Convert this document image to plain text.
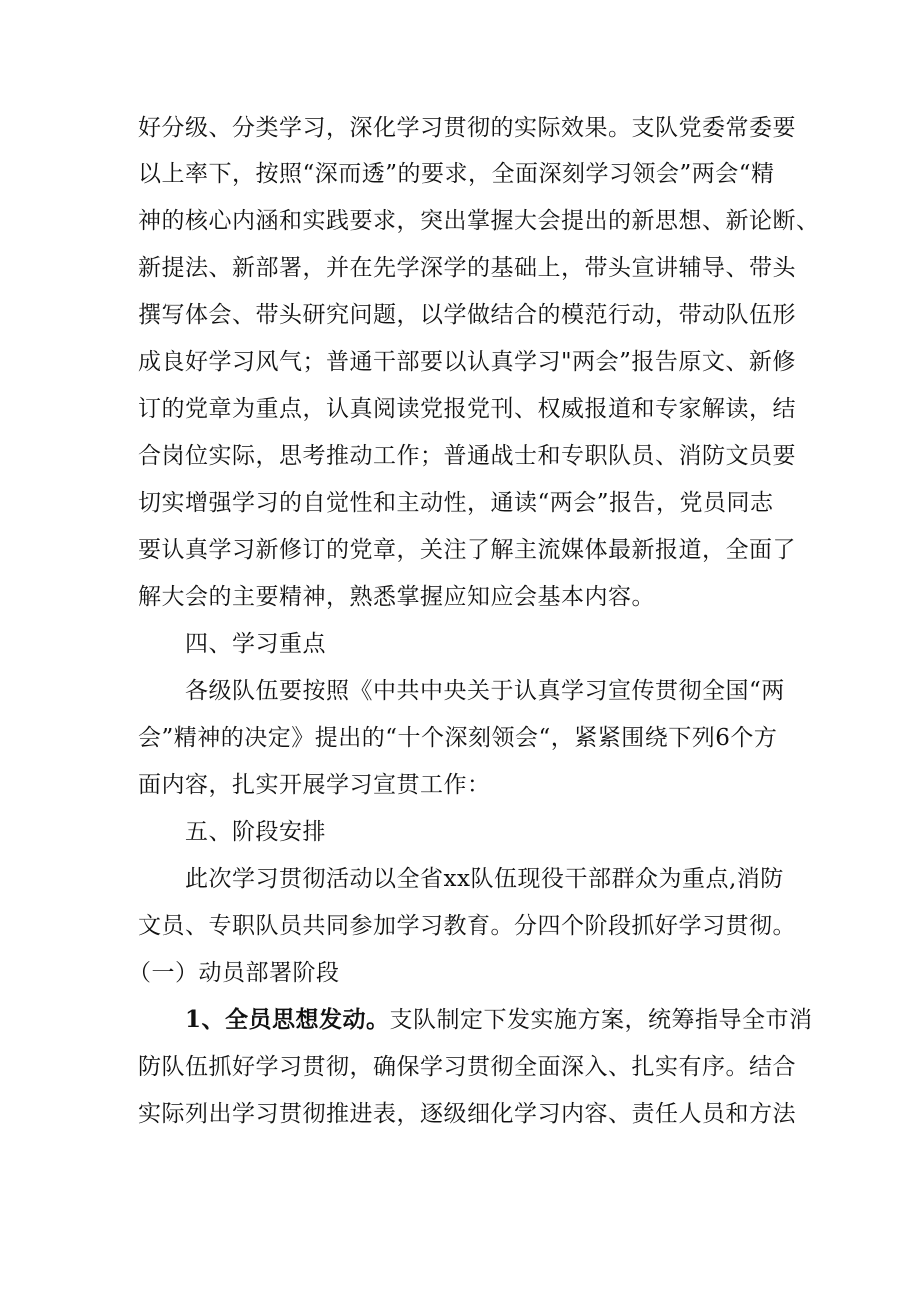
好分级、分类学习，深化学习贯彻的实际效果。支队党委常委要
以上率下，按照“深而透”的要求，全面深刻学习领会”两会“精
神的核心内涵和实践要求，突出掌握大会提出的新思想、新论断、
新提法、新部署，并在先学深学的基础上，带头宣讲辅导、带头
撰写体会、带头研究问题，以学做结合的模范行动，带动队伍形
成良好学习风气；普通干部要以认真学习"两会”报告原文、新修
订的党章为重点，认真阅读党报党刊、权威报道和专家解读，结
合岗位实际，思考推动工作；普通战士和专职队员、消防文员要
切实增强学习的自觉性和主动性，通读“两会”报告，党员同志
要认真学习新修订的党章，关注了解主流媒体最新报道，全面了
解大会的主要精神，熟悉掌握应知应会基本内容。
四、学习重点
各级队伍要按照《中共中央关于认真学习宣传贯彻全国“两
会”精神的决定》提出的“十个深刻领会“，紧紧围绕下列6个方
面内容，扎实开展学习宣贯工作：
五、阶段安排
此次学习贯彻活动以全省xx队伍现役干部群众为重点,消防
文员、专职队员共同参加学习教育。分四个阶段抓好学习贯彻。
（一）动员部署阶段
1、全员思想发动。支队制定下发实施方案，统筹指导全市消
防队伍抓好学习贯彻，确保学习贯彻全面深入、扎实有序。结合
实际列出学习贯彻推进表，逐级细化学习内容、责任人员和方法
